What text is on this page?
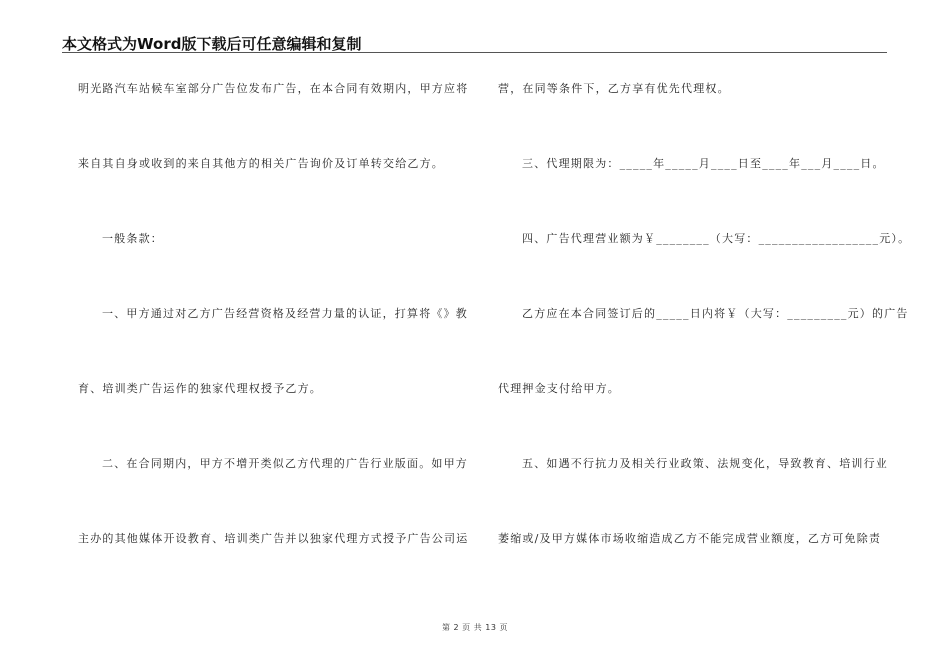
本文格式为Word版下载后可任意编辑和复制
明光路汽车站候车室部分广告位发布广告，在本合同有效期内，甲方应将
来自其自身或收到的来自其他方的相关广告询价及订单转交给乙方。
一般条款：
一、甲方通过对乙方广告经营资格及经营力量的认证，打算将《》教
育、培训类广告运作的独家代理权授予乙方。
二、在合同期内，甲方不增开类似乙方代理的广告行业版面。如甲方
主办的其他媒体开设教育、培训类广告并以独家代理方式授予广告公司运
营，在同等条件下，乙方享有优先代理权。
三、代理期限为：_____年_____月____日至____年___月____日。
四、广告代理营业额为￥________（大写：__________________元）。
乙方应在本合同签订后的_____日内将￥（大写：_________元）的广告
代理押金支付给甲方。
五、如遇不行抗力及相关行业政策、法规变化，导致教育、培训行业
萎缩或/及甲方媒体市场收缩造成乙方不能完成营业额度，乙方可免除责
第 2 页 共 13 页
